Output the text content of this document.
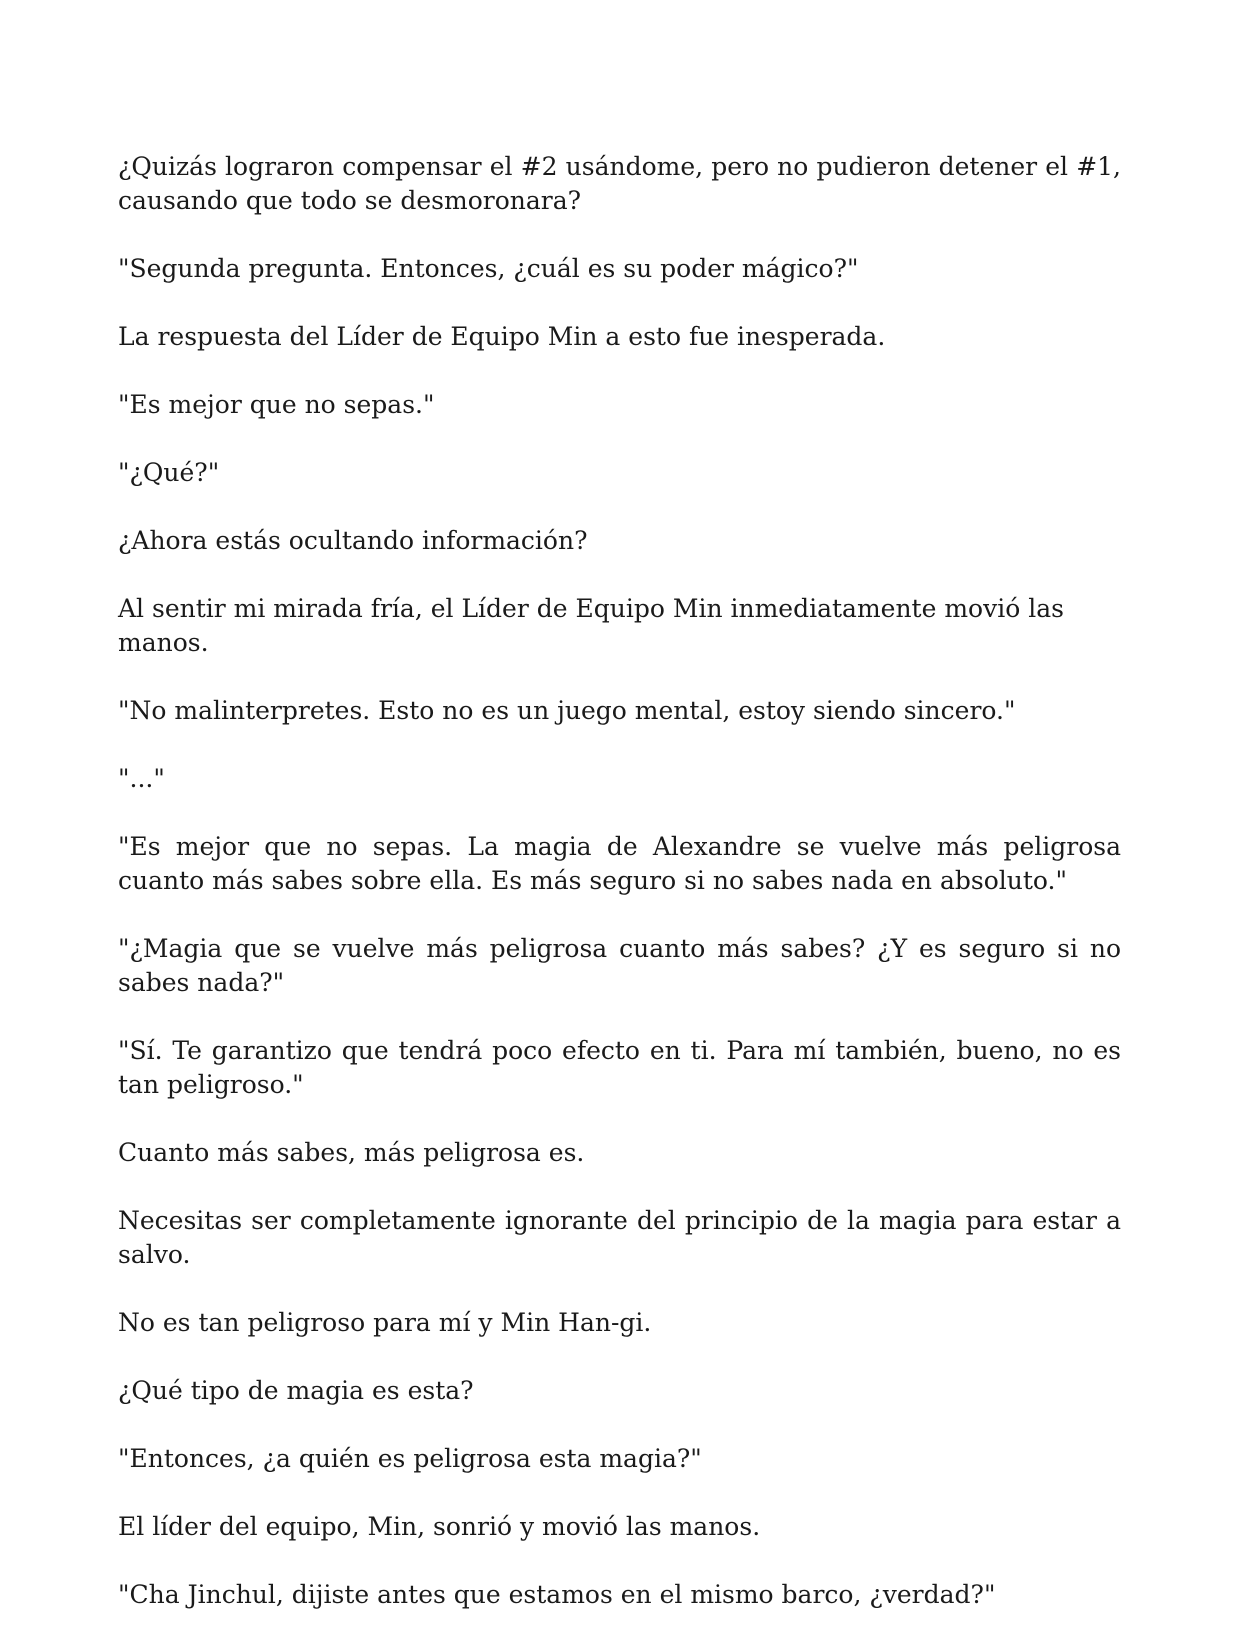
¿Quizás lograron compensar el #2 usándome, pero no pudieron detener el #1, causando que todo se desmoronara?

"Segunda pregunta. Entonces, ¿cuál es su poder mágico?"

La respuesta del Líder de Equipo Min a esto fue inesperada.

"Es mejor que no sepas."

"¿Qué?"

¿Ahora estás ocultando información?

Al sentir mi mirada fría, el Líder de Equipo Min inmediatamente movió las manos.

"No malinterpretes. Esto no es un juego mental, estoy siendo sincero."

"..."

"Es mejor que no sepas. La magia de Alexandre se vuelve más peligrosa cuanto más sabes sobre ella. Es más seguro si no sabes nada en absoluto."

"¿Magia que se vuelve más peligrosa cuanto más sabes? ¿Y es seguro si no sabes nada?"

"Sí. Te garantizo que tendrá poco efecto en ti. Para mí también, bueno, no es tan peligroso."

Cuanto más sabes, más peligrosa es.

Necesitas ser completamente ignorante del principio de la magia para estar a salvo.

No es tan peligroso para mí y Min Han-gi.

¿Qué tipo de magia es esta?

"Entonces, ¿a quién es peligrosa esta magia?"

El líder del equipo, Min, sonrió y movió las manos.

"Cha Jinchul, dijiste antes que estamos en el mismo barco, ¿verdad?"
